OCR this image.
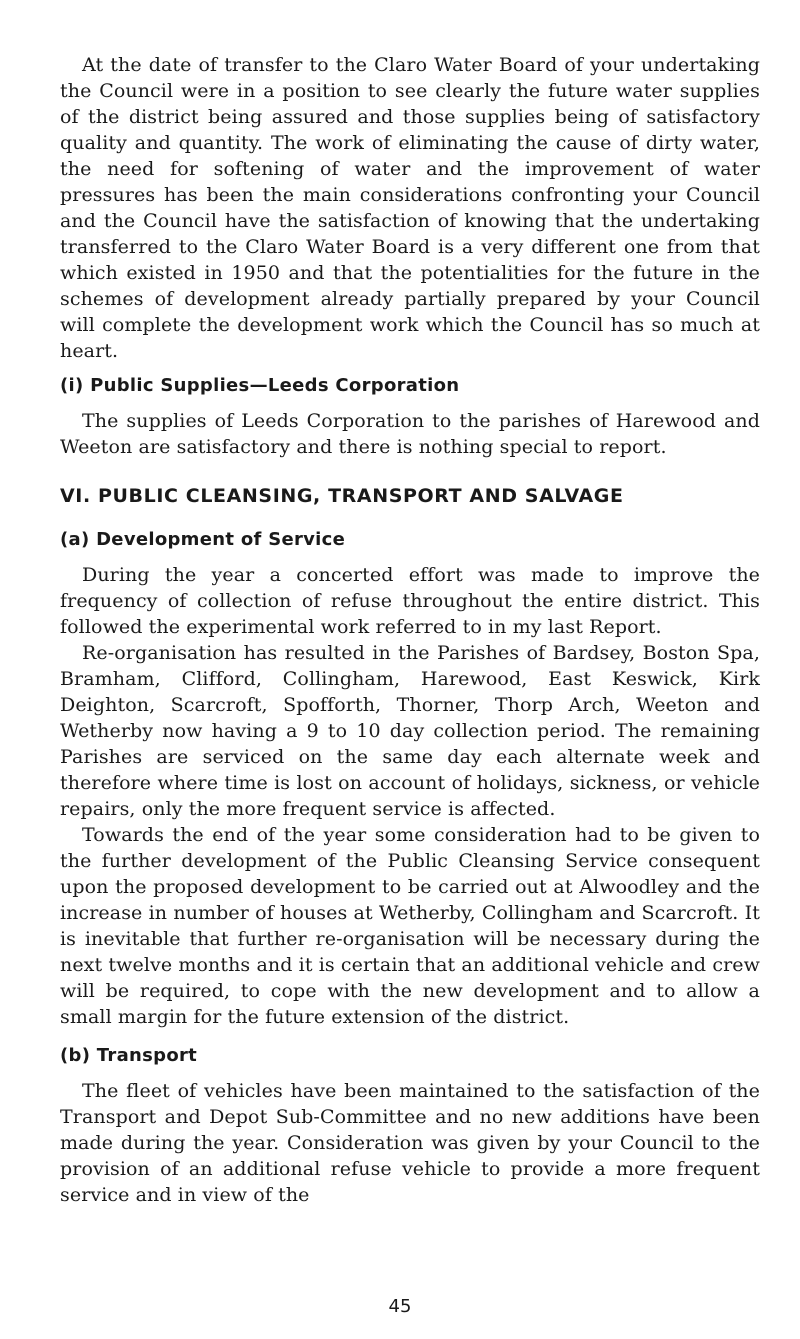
At the date of transfer to the Claro Water Board of your undertaking the Council were in a position to see clearly the future water supplies of the district being assured and those supplies being of satisfactory quality and quantity. The work of eliminating the cause of dirty water, the need for softening of water and the improvement of water pressures has been the main considerations confronting your Council and the Council have the satisfaction of knowing that the undertaking transferred to the Claro Water Board is a very different one from that which existed in 1950 and that the potentialities for the future in the schemes of development already partially prepared by your Council will complete the development work which the Council has so much at heart.

(i) Public Supplies—Leeds Corporation

The supplies of Leeds Corporation to the parishes of Harewood and Weeton are satisfactory and there is nothing special to report.

VI. PUBLIC CLEANSING, TRANSPORT AND SALVAGE
(a) Development of Service

During the year a concerted effort was made to improve the frequency of collection of refuse throughout the entire district. This followed the experimental work referred to in my last Report.

Re-organisation has resulted in the Parishes of Bardsey, Boston Spa, Bramham, Clifford, Collingham, Harewood, East Keswick, Kirk Deighton, Scarcroft, Spofforth, Thorner, Thorp Arch, Weeton and Wetherby now having a 9 to 10 day collection period. The remaining Parishes are serviced on the same day each alternate week and therefore where time is lost on account of holidays, sickness, or vehicle repairs, only the more frequent service is affected.

Towards the end of the year some consideration had to be given to the further development of the Public Cleansing Service consequent upon the proposed development to be carried out at Alwoodley and the increase in number of houses at Wetherby, Collingham and Scarcroft. It is inevitable that further re-organisation will be necessary during the next twelve months and it is certain that an additional vehicle and crew will be required, to cope with the new development and to allow a small margin for the future extension of the district.

(b) Transport

The fleet of vehicles have been maintained to the satisfaction of the Transport and Depot Sub-Committee and no new additions have been made during the year. Consideration was given by your Council to the provision of an additional refuse vehicle to provide a more frequent service and in view of the

45
